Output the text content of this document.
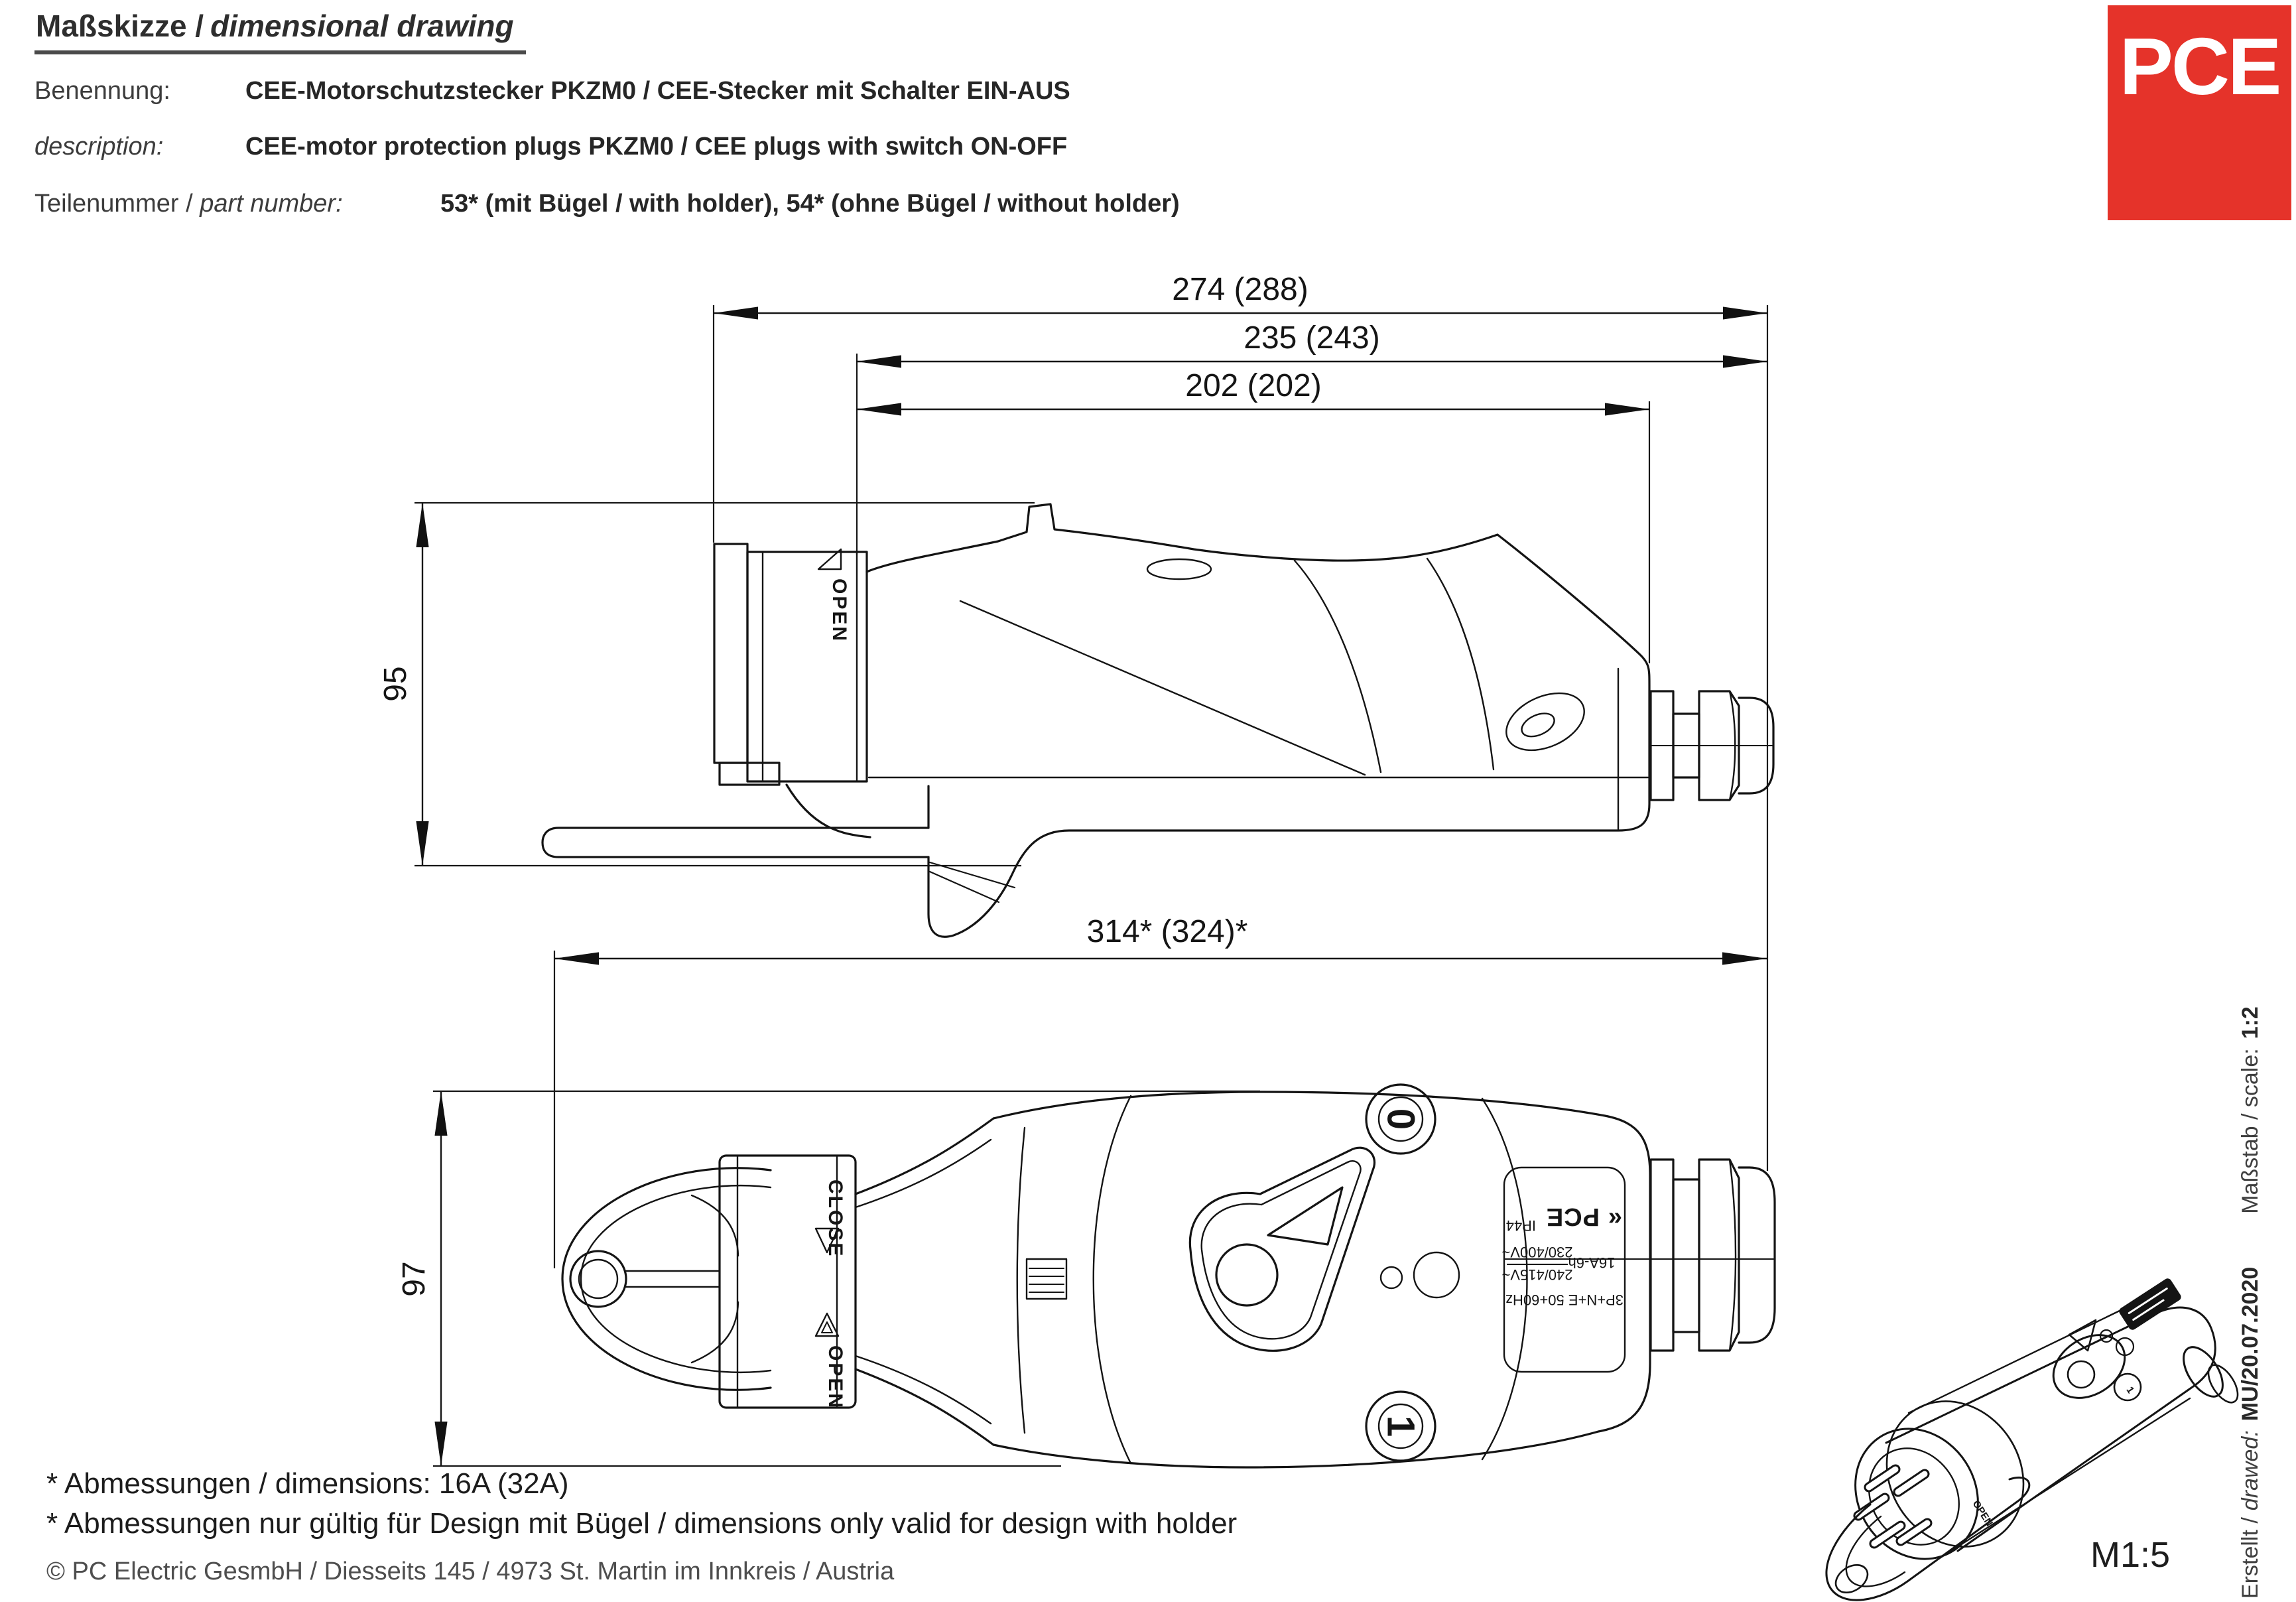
Maßskizze / dimensional drawing
Benennung:	CEE-Motorschutzstecker PKZM0 / CEE-Stecker mit Schalter EIN-AUS
description:	CEE-motor protection plugs PKZM0 / CEE plugs with switch ON-OFF
Teilenummer / part number:	53* (mit Bügel / with holder), 54* (ohne Bügel / without holder)
PCE
274 (288)
235 (243)
202 (202)
95
OPEN
314* (324)*
97
CLOSE
OPEN
0
1
3P+N+E 50+60Hz
16A-6h
240/415V~
230/400V~
PCE
IP44	«
OPEN
1
M1:5	Erstellt /drawed:MU/20.07.2020Maßstab / scale:1:2
* Abmessungen / dimensions: 16A (32A)
* Abmessungen nur gültig für Design mit Bügel / dimensions only valid for design with holder
© PC Electric GesmbH / Diesseits 145 / 4973 St. Martin im Innkreis / Austria
